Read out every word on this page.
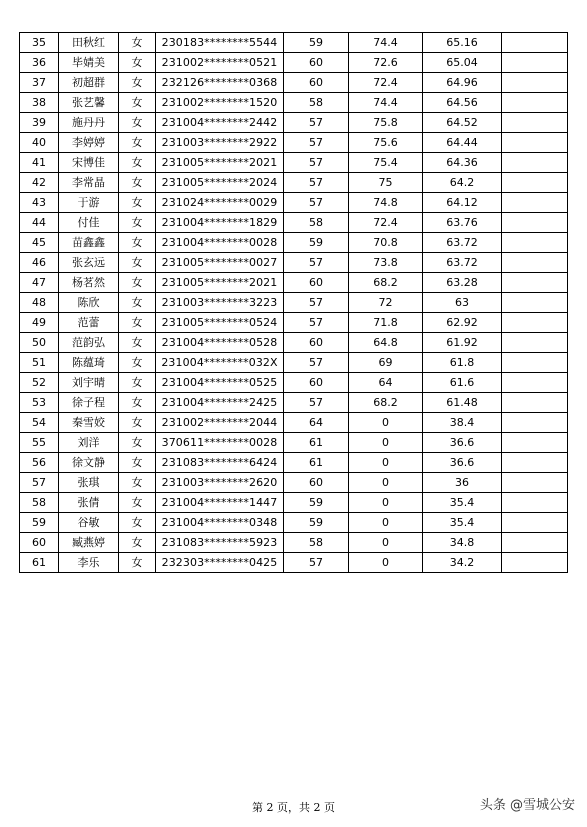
35	田秋红	女	230183********5544	59	74.4	65.16	
36	毕婧美	女	231002********0521	60	72.6	65.04	
37	初超群	女	232126********0368	60	72.4	64.96	
38	张艺馨	女	231002********1520	58	74.4	64.56	
39	施丹丹	女	231004********2442	57	75.8	64.52	
40	李婷婷	女	231003********2922	57	75.6	64.44	
41	宋博佳	女	231005********2021	57	75.4	64.36	
42	李常晶	女	231005********2024	57	75	64.2	
43	于游	女	231024********0029	57	74.8	64.12	
44	付佳	女	231004********1829	58	72.4	63.76	
45	苗鑫鑫	女	231004********0028	59	70.8	63.72	
46	张玄远	女	231005********0027	57	73.8	63.72	
47	杨茗然	女	231005********2021	60	68.2	63.28	
48	陈欣	女	231003********3223	57	72	63	
49	范蕾	女	231005********0524	57	71.8	62.92	
50	范韵弘	女	231004********0528	60	64.8	61.92	
51	陈蕴琦	女	231004********032X	57	69	61.8	
52	刘宇晴	女	231004********0525	60	64	61.6	
53	徐子程	女	231004********2425	57	68.2	61.48	
54	秦雪姣	女	231002********2044	64	0	38.4	
55	刘洋	女	370611********0028	61	0	36.6	
56	徐文静	女	231083********6424	61	0	36.6	
57	张琪	女	231003********2620	60	0	36	
58	张倩	女	231004********1447	59	0	35.4	
59	谷敏	女	231004********0348	59	0	35.4	
60	臧燕婷	女	231083********5923	58	0	34.8	
61	李乐	女	232303********0425	57	0	34.2	
第 2 页，共 2 页	头条 @雪城公安
